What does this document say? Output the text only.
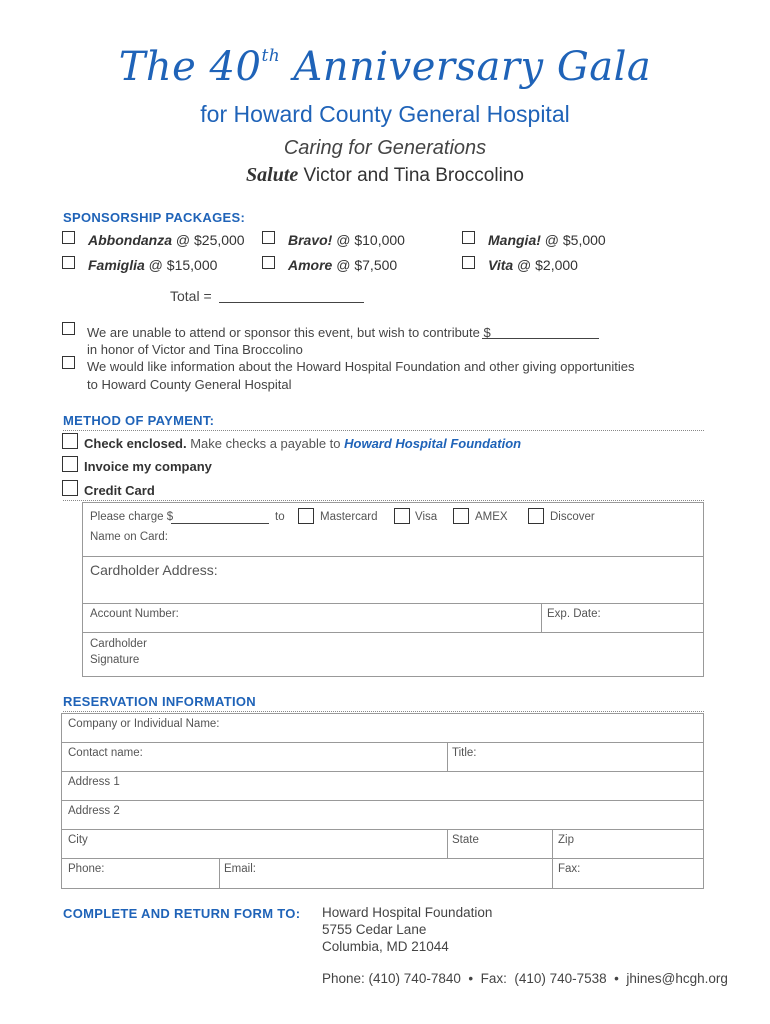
The 40th Anniversary Gala
for Howard County General Hospital
Caring for Generations
Salute Victor and Tina Broccolino
SPONSORSHIP PACKAGES:
Abbondanza @ $25,000	Bravo! @ $10,000	Mangia! @ $5,000
Famiglia @ $15,000	Amore @ $7,500	Vita @ $2,000
Total =
We are unable to attend or sponsor this event, but wish to contribute $
in honor of Victor and Tina Broccolino
We would like information about the Howard Hospital Foundation and other giving opportunities
to Howard County General Hospital
METHOD OF PAYMENT:
Check enclosed. Make checks a payable to Howard Hospital Foundation
Invoice my company
Credit Card
Please charge $	to	Mastercard	Visa	AMEX	Discover
Name on Card:
Cardholder Address:
Account Number:	Exp. Date:
Cardholder
Signature
RESERVATION INFORMATION
Company or Individual Name:
Contact name:	Title:
Address 1
Address 2
City	State	Zip
Phone:	Email:	Fax:
COMPLETE AND RETURN FORM TO: Howard Hospital Foundation
5755 Cedar Lane
Columbia, MD 21044
Phone: (410) 740-7840  •  Fax:  (410) 740-7538  •  jhines@hcgh.org
